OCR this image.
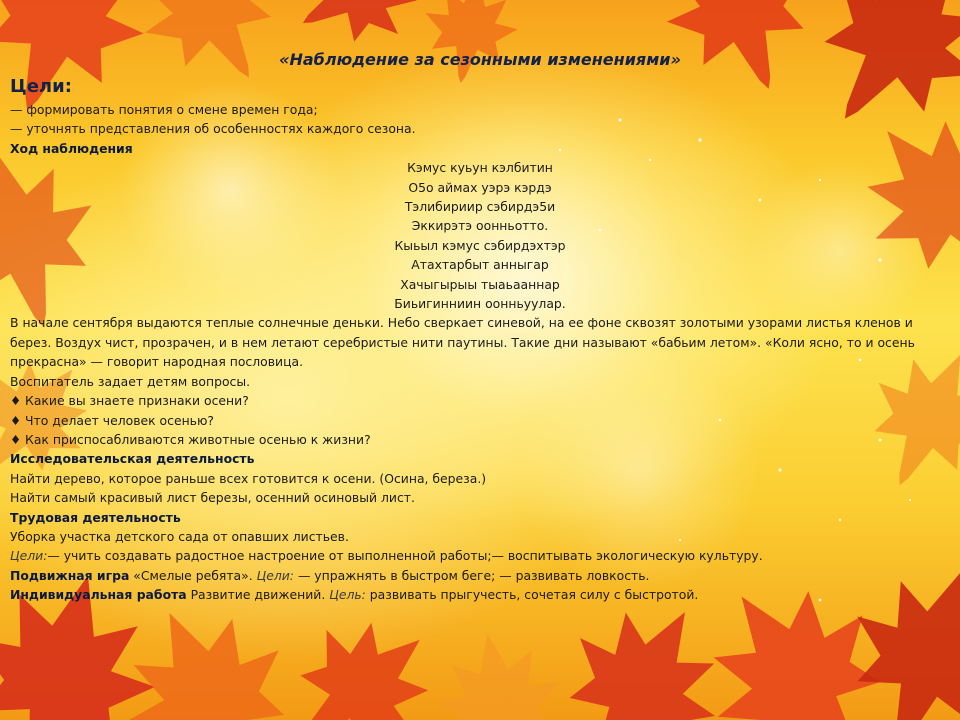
«Наблюдение за сезонными изменениями»
Цели:
— формировать понятия о смене времен года;
— уточнять представления об особенностях каждого сезона.
Ход наблюдения
Кэмус куьун кэлбитин
О5о аймах уэрэ кэрдэ
Тэлибириир сэбирдэ5и
Эккирэтэ оонньотто.
Кыьыл кэмус сэбирдэхтэр
Атахтарбыт анныгар
Хачыгырыы тыаьааннар
Биьигинниин оонньуулар.
В начале сентября выдаются теплые солнечные деньки. Небо сверкает синевой, на ее фоне сквозят золотыми узорами листья кленов и берез. Воздух чист, прозрачен, и в нем летают серебристые нити паутины. Такие дни называют «бабьим летом». «Коли ясно, то и осень прекрасна» — говорит народная пословица.
Воспитатель задает детям вопросы.
♦ Какие вы знаете признаки осени?
♦ Что делает человек осенью?
♦ Как приспосабливаются животные осенью к жизни?
Исследовательская деятельность
Найти дерево, которое раньше всех готовится к осени. (Осина, береза.)
Найти самый красивый лист березы, осенний осиновый лист.
Трудовая деятельность
Уборка участка детского сада от опавших листьев.
Цели:— учить создавать радостное настроение от выполненной работы;— воспитывать экологическую культуру.
Подвижная игра «Смелые ребята». Цели: — упражнять в быстром беге; — развивать ловкость.
Индивидуальная работа Развитие движений. Цель: развивать прыгучесть, сочетая силу с быстротой.
